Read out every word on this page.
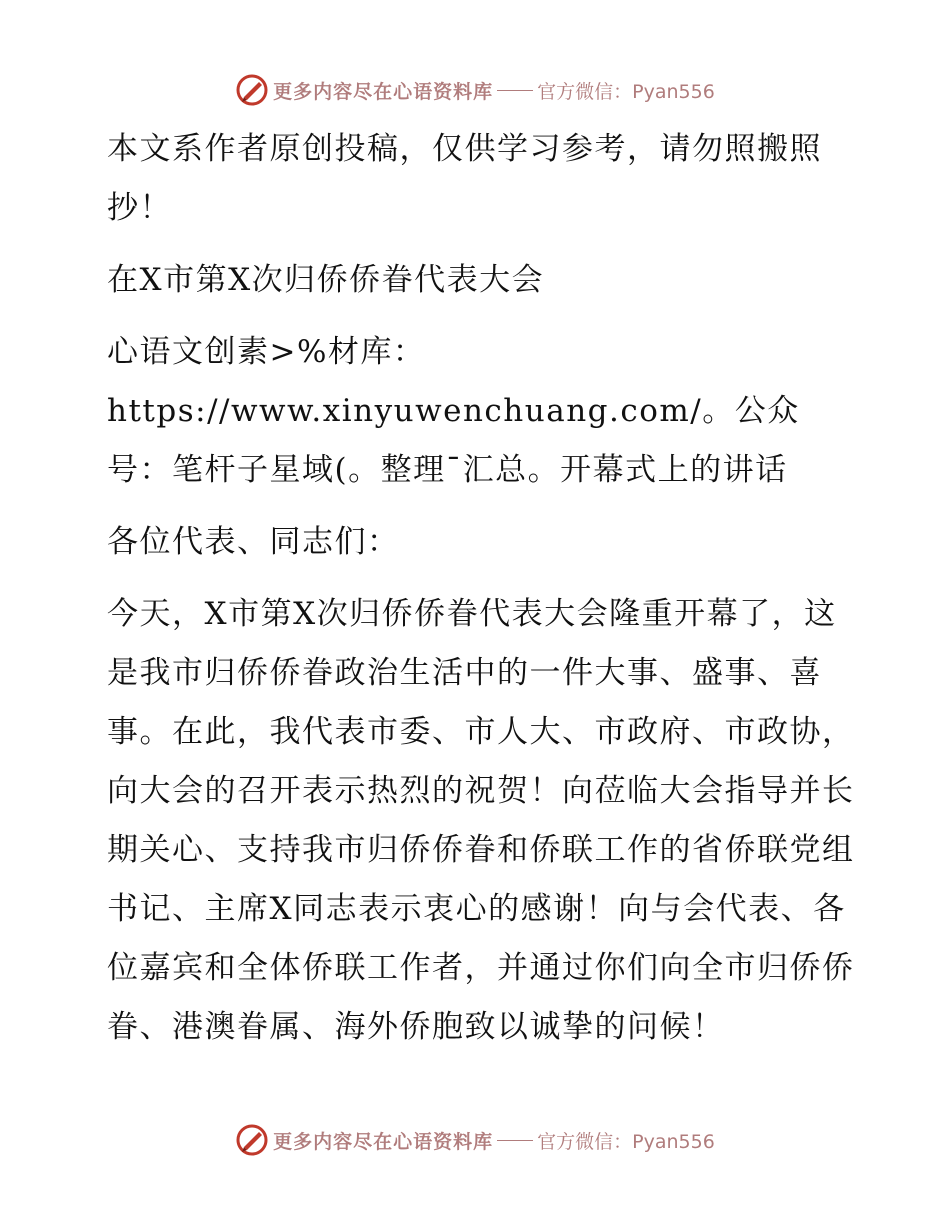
更多内容尽在心语资料库 官方微信：Pyan556

本文系作者原创投稿，仅供学习参考，请勿照搬照抄！

在X市第X次归侨侨眷代表大会

心语文创素>%材库：https://www.xinyuwenchuang.com/。公众号：笔杆子星域(。整理¯汇总。开幕式上的讲话

各位代表、同志们：

今天，X市第X次归侨侨眷代表大会隆重开幕了，这是我市归侨侨眷政治生活中的一件大事、盛事、喜事。在此，我代表市委、市人大、市政府、市政协，向大会的召开表示热烈的祝贺！向莅临大会指导并长期关心、支持我市归侨侨眷和侨联工作的省侨联党组书记、主席X同志表示衷心的感谢！向与会代表、各位嘉宾和全体侨联工作者，并通过你们向全市归侨侨眷、港澳眷属、海外侨胞致以诚挚的问候！

更多内容尽在心语资料库 官方微信：Pyan556
